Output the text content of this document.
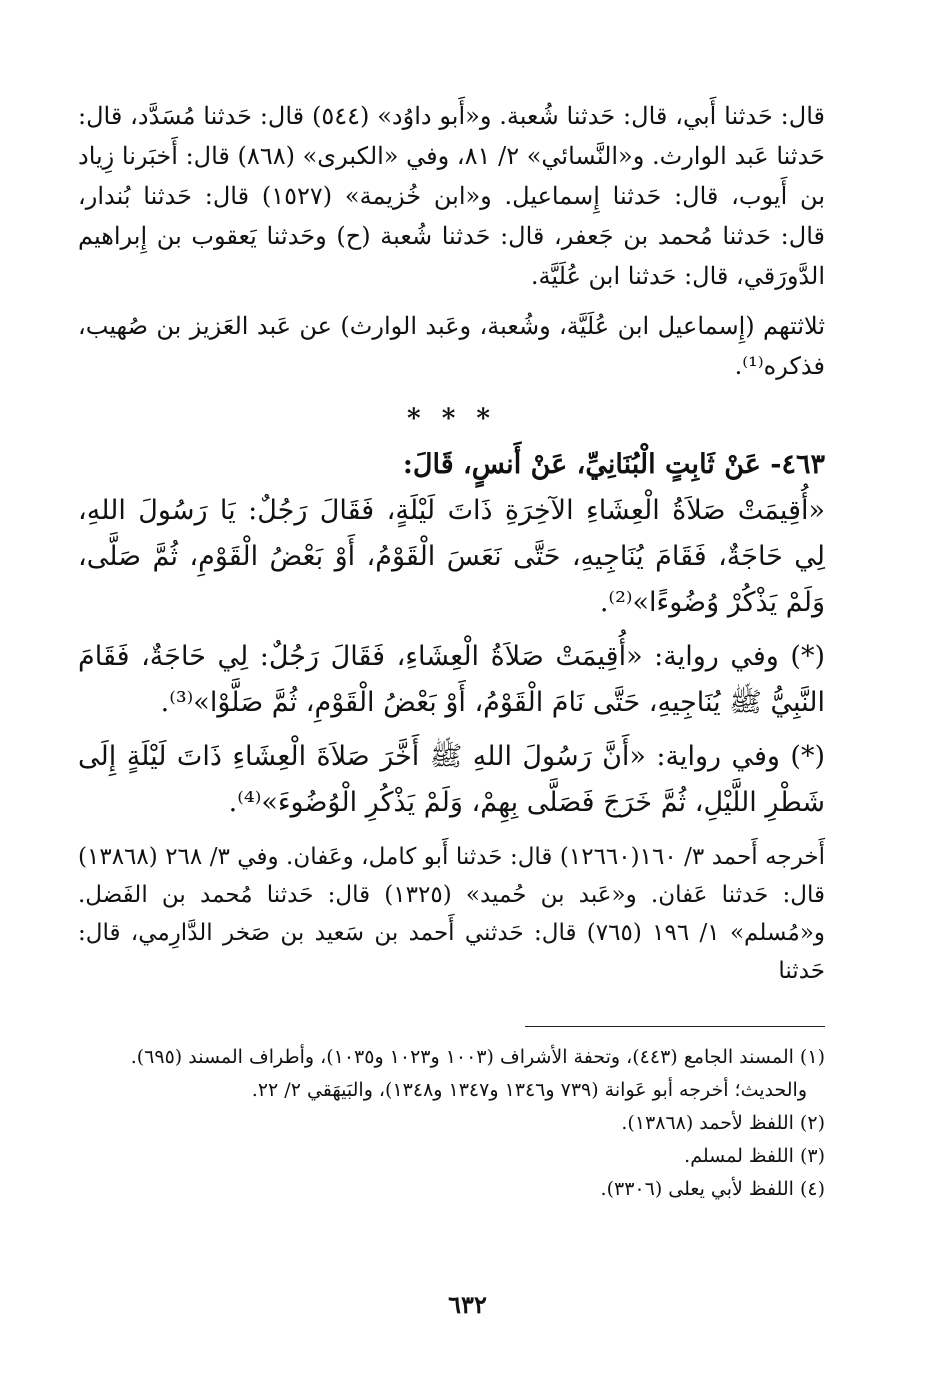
قال: حَدثنا أَبي، قال: حَدثنا شُعبة. و«أَبو داوُد» (٥٤٤) قال: حَدثنا مُسَدَّد، قال: حَدثنا عَبد الوارث. و«النَّسائي» ٢/ ٨١، وفي «الكبرى» (٨٦٨) قال: أَخبَرنا زِياد بن أَيوب، قال: حَدثنا إِسماعيل. و«ابن خُزيمة» (١٥٢٧) قال: حَدثنا بُندار، قال: حَدثنا مُحمد بن جَعفر، قال: حَدثنا شُعبة (ح) وحَدثنا يَعقوب بن إِبراهيم الدَّورَقي، قال: حَدثنا ابن عُلَيَّة.

ثلاثتهم (إِسماعيل ابن عُلَيَّة، وشُعبة، وعَبد الوارث) عن عَبد العَزيز بن صُهيب، فذكره⁽¹⁾.

* * *

٤٦٣- عَنْ ثَابِتٍ الْبُنَانِيِّ، عَنْ أَنسٍ، قَالَ:

«أُقِيمَتْ صَلاَةُ الْعِشَاءِ الآخِرَةِ ذَاتَ لَيْلَةٍ، فَقَالَ رَجُلٌ: يَا رَسُولَ اللهِ، لِي حَاجَةٌ، فَقَامَ يُنَاجِيهِ، حَتَّى نَعَسَ الْقَوْمُ، أَوْ بَعْضُ الْقَوْمِ، ثُمَّ صَلَّى، وَلَمْ يَذْكُرْ وُضُوءًا»⁽²⁾.

(*) وفي رواية: «أُقِيمَتْ صَلاَةُ الْعِشَاءِ، فَقَالَ رَجُلٌ: لِي حَاجَةٌ، فَقَامَ النَّبِيُّ ﷺ يُنَاجِيهِ، حَتَّى نَامَ الْقَوْمُ، أَوْ بَعْضُ الْقَوْمِ، ثُمَّ صَلَّوْا»⁽³⁾.

(*) وفي رواية: «أَنَّ رَسُولَ اللهِ ﷺ أَخَّرَ صَلاَةَ الْعِشَاءِ ذَاتَ لَيْلَةٍ إِلَى شَطْرِ اللَّيْلِ، ثُمَّ خَرَجَ فَصَلَّى بِهِمْ، وَلَمْ يَذْكُرِ الْوُضُوءَ»⁽⁴⁾.

أَخرجه أَحمد ٣/ ١٦٠(١٢٦٦٠) قال: حَدثنا أَبو كامل، وعَفان. وفي ٣/ ٢٦٨ (١٣٨٦٨) قال: حَدثنا عَفان. و«عَبد بن حُميد» (١٣٢٥) قال: حَدثنا مُحمد بن الفَضل. و«مُسلم» ١/ ١٩٦ (٧٦٥) قال: حَدثني أَحمد بن سَعيد بن صَخر الدَّارِمي، قال: حَدثنا

(١) المسند الجامع (٤٤٣)، وتحفة الأشراف (١٠٠٣ و١٠٢٣ و١٠٣٥)، وأطراف المسند (٦٩٥).

والحديث؛ أخرجه أبو عَوانة (٧٣٩ و١٣٤٦ و١٣٤٧ و١٣٤٨)، والبَيهَقي ٢/ ٢٢.

(٢) اللفظ لأحمد (١٣٨٦٨).

(٣) اللفظ لمسلم.

(٤) اللفظ لأبي يعلى (٣٣٠٦).

٦٣٢
